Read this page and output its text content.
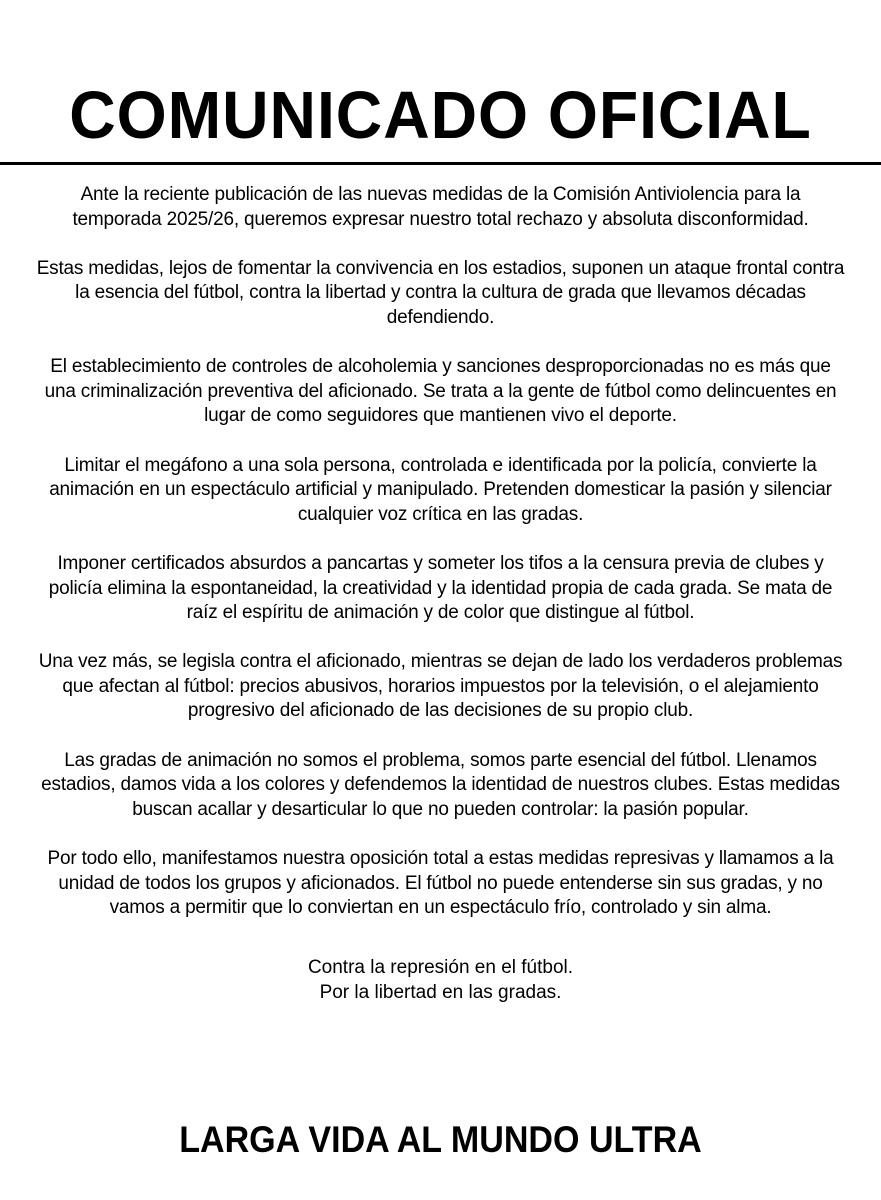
COMUNICADO OFICIAL

Ante la reciente publicación de las nuevas medidas de la Comisión Antiviolencia para la temporada 2025/26, queremos expresar nuestro total rechazo y absoluta disconformidad.

Estas medidas, lejos de fomentar la convivencia en los estadios, suponen un ataque frontal contra la esencia del fútbol, contra la libertad y contra la cultura de grada que llevamos décadas defendiendo.

El establecimiento de controles de alcoholemia y sanciones desproporcionadas no es más que una criminalización preventiva del aficionado. Se trata a la gente de fútbol como delincuentes en lugar de como seguidores que mantienen vivo el deporte.

Limitar el megáfono a una sola persona, controlada e identificada por la policía, convierte la animación en un espectáculo artificial y manipulado. Pretenden domesticar la pasión y silenciar cualquier voz crítica en las gradas.

Imponer certificados absurdos a pancartas y someter los tifos a la censura previa de clubes y policía elimina la espontaneidad, la creatividad y la identidad propia de cada grada. Se mata de raíz el espíritu de animación y de color que distingue al fútbol.

Una vez más, se legisla contra el aficionado, mientras se dejan de lado los verdaderos problemas que afectan al fútbol: precios abusivos, horarios impuestos por la televisión, o el alejamiento progresivo del aficionado de las decisiones de su propio club.

Las gradas de animación no somos el problema, somos parte esencial del fútbol. Llenamos estadios, damos vida a los colores y defendemos la identidad de nuestros clubes. Estas medidas buscan acallar y desarticular lo que no pueden controlar: la pasión popular.

Por todo ello, manifestamos nuestra oposición total a estas medidas represivas y llamamos a la unidad de todos los grupos y aficionados. El fútbol no puede entenderse sin sus gradas, y no vamos a permitir que lo conviertan en un espectáculo frío, controlado y sin alma.

Contra la represión en el fútbol.
Por la libertad en las gradas.
LARGA VIDA AL MUNDO ULTRA
